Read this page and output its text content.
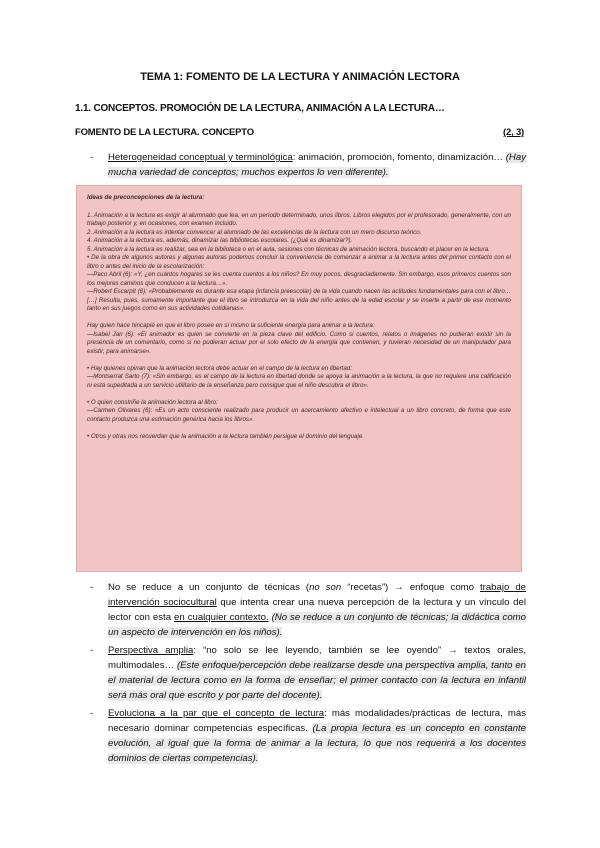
TEMA 1: FOMENTO DE LA LECTURA Y ANIMACIÓN LECTORA
1.1. CONCEPTOS. PROMOCIÓN DE LA LECTURA, ANIMACIÓN A LA LECTURA…
FOMENTO DE LA LECTURA. CONCEPTO	(2, 3)
- Heterogeneidad conceptual y terminológica: animación, promoción, fomento, dinamización… (Hay mucha variedad de conceptos; muchos expertos lo ven diferente).

Ideas de preconcepciones de la lectura:

1. Animación a la lectura es exigir al alumnado que lea, en un período determinado, unos libros. Libros elegidos por el profesorado, generalmente, con un trabajo posterior y, en ocasiones, con examen incluido.

2. Animación a la lectura es intentar convencer al alumnado de las excelencias de la lectura con un mero discurso teórico.

4. Animación a la lectura es, además, dinamizar las bibliotecas escolares. (¿Qué es dinamizar?).

5. Animación a la lectura es realizar, sea en la biblioteca o en el aula, sesiones con técnicas de animación lectora, buscando el placer en la lectura.

• De la obra de algunos autores y algunas autoras podemos concluir la conveniencia de comenzar a animar a la lectura antes del primer contacto con el libro o antes del inicio de la escolarización:

—Paco Abril (6): «Y, ¿en cuántos hogares se les cuenta cuentos a los niños? En muy pocos, desgraciadamente. Sin embargo, esos primeros cuentos son los mejores caminos que conducen a la lectura…».

—Robert Escarpit (6): «Probablemente es durante esa etapa (infancia preescolar) de la vida cuando nacen las actitudes fundamentales para con el libro… […] Resulta, pues, sumamente importante que el libro se introduzca en la vida del niño antes de la edad escolar y se inserte a partir de ese momento tanto en sus juegos como en sus actividades cotidianas».

Hay quien hace hincapié en que el libro posee en sí mismo la suficiente energía para animar a la lectura:

—Isabel Jan (6): «El animador es quien se convierte en la pieza clave del edificio. Como si cuentos, relatos o imágenes no pudieran existir sin la presencia de un comentario, como si no pudieran actuar por el solo efecto de la energía que contienen, y tuvieran necesidad de un manipulador para existir, para animarse».

• Hay quienes opinan que la animación lectora debe actuar en el campo de la lectura en libertad:

—Montserrat Sarto (7): «Sin embargo, es el campo de la lectura en libertad donde se apoya la animación a la lectura, la que no requiere una calificación ni está supeditada a un servicio utilitario de la enseñanza pero consigue que el niño descubra el libro».

• O quien constriñe la animación lectora al libro:

—Carmen Olivares (6): «Es un acto consciente realizado para producir un acercamiento afectivo e intelectual a un libro concreto, de forma que este contacto produzca una estimación genérica hacia los libros».

• Otros y otras nos recuerdan que la animación a la lectura también persigue el dominio del lenguaje.

- No se reduce a un conjunto de técnicas (no son “recetas”) → enfoque como trabajo de intervención sociocultural que intenta crear una nueva percepción de la lectura y un vínculo del lector con esta en cualquier contexto. (No se reduce a un conjunto de técnicas; la didáctica como un aspecto de intervención en los niños).
- Perspectiva amplia: “no solo se lee leyendo, también se lee oyendo” → textos orales, multimodales… (Este enfoque/percepción debe realizarse desde una perspectiva amplia, tanto en el material de lectura como en la forma de enseñar; el primer contacto con la lectura en infantil será más oral que escrito y por parte del docente).
- Evoluciona a la par que el concepto de lectura: más modalidades/prácticas de lectura, más necesario dominar competencias específicas. (La propia lectura es un concepto en constante evolución, al igual que la forma de animar a la lectura, lo que nos requerirá a los docentes dominios de ciertas competencias).
